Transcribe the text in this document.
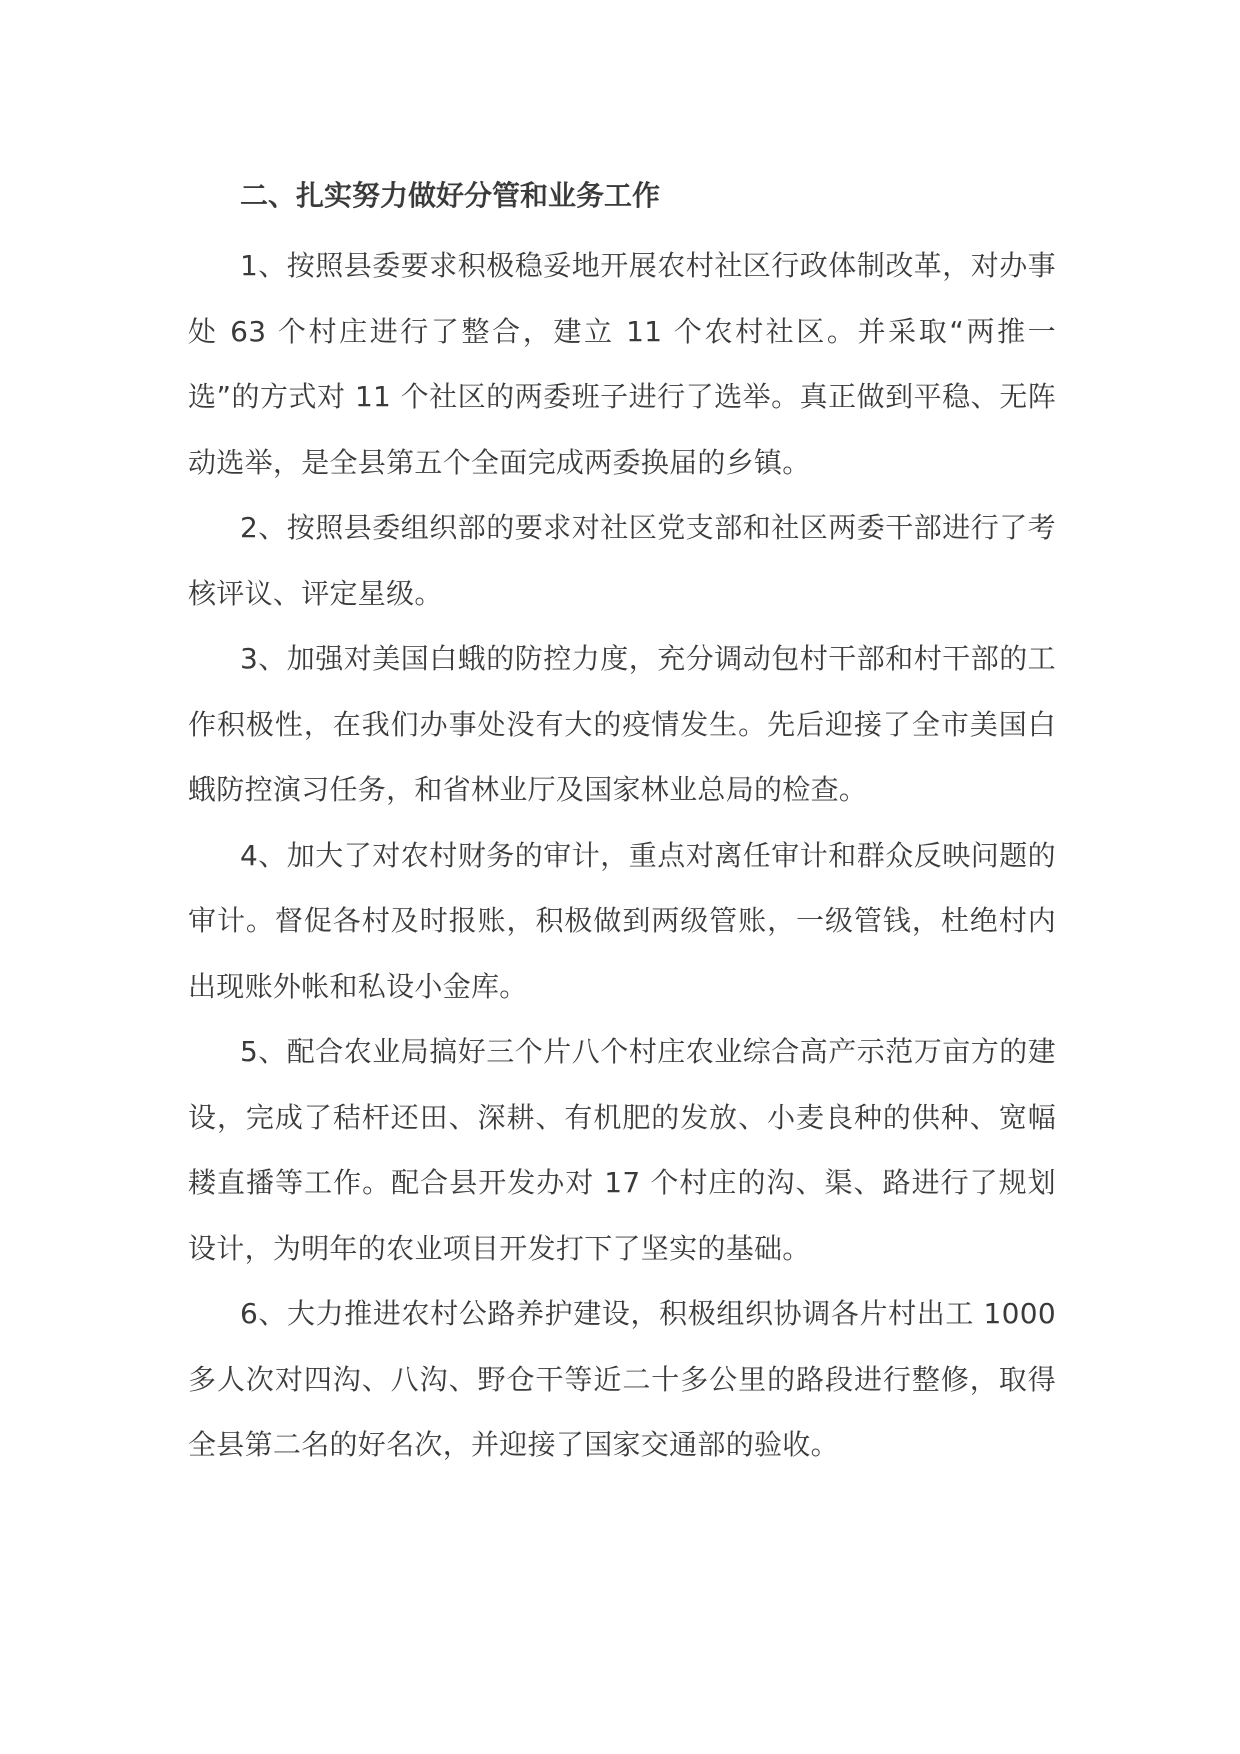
二、扎实努力做好分管和业务工作

1、按照县委要求积极稳妥地开展农村社区行政体制改革，对办事处 63 个村庄进行了整合，建立 11 个农村社区。并采取“两推一选”的方式对 11 个社区的两委班子进行了选举。真正做到平稳、无阵动选举，是全县第五个全面完成两委换届的乡镇。

2、按照县委组织部的要求对社区党支部和社区两委干部进行了考核评议、评定星级。

3、加强对美国白蛾的防控力度，充分调动包村干部和村干部的工作积极性，在我们办事处没有大的疫情发生。先后迎接了全市美国白蛾防控演习任务，和省林业厅及国家林业总局的检查。

4、加大了对农村财务的审计，重点对离任审计和群众反映问题的审计。督促各村及时报账，积极做到两级管账，一级管钱，杜绝村内出现账外帐和私设小金库。

5、配合农业局搞好三个片八个村庄农业综合高产示范万亩方的建设，完成了秸杆还田、深耕、有机肥的发放、小麦良种的供种、宽幅耧直播等工作。配合县开发办对 17 个村庄的沟、渠、路进行了规划设计，为明年的农业项目开发打下了坚实的基础。

6、大力推进农村公路养护建设，积极组织协调各片村出工 1000 多人次对四沟、八沟、野仓干等近二十多公里的路段进行整修，取得全县第二名的好名次，并迎接了国家交通部的验收。
